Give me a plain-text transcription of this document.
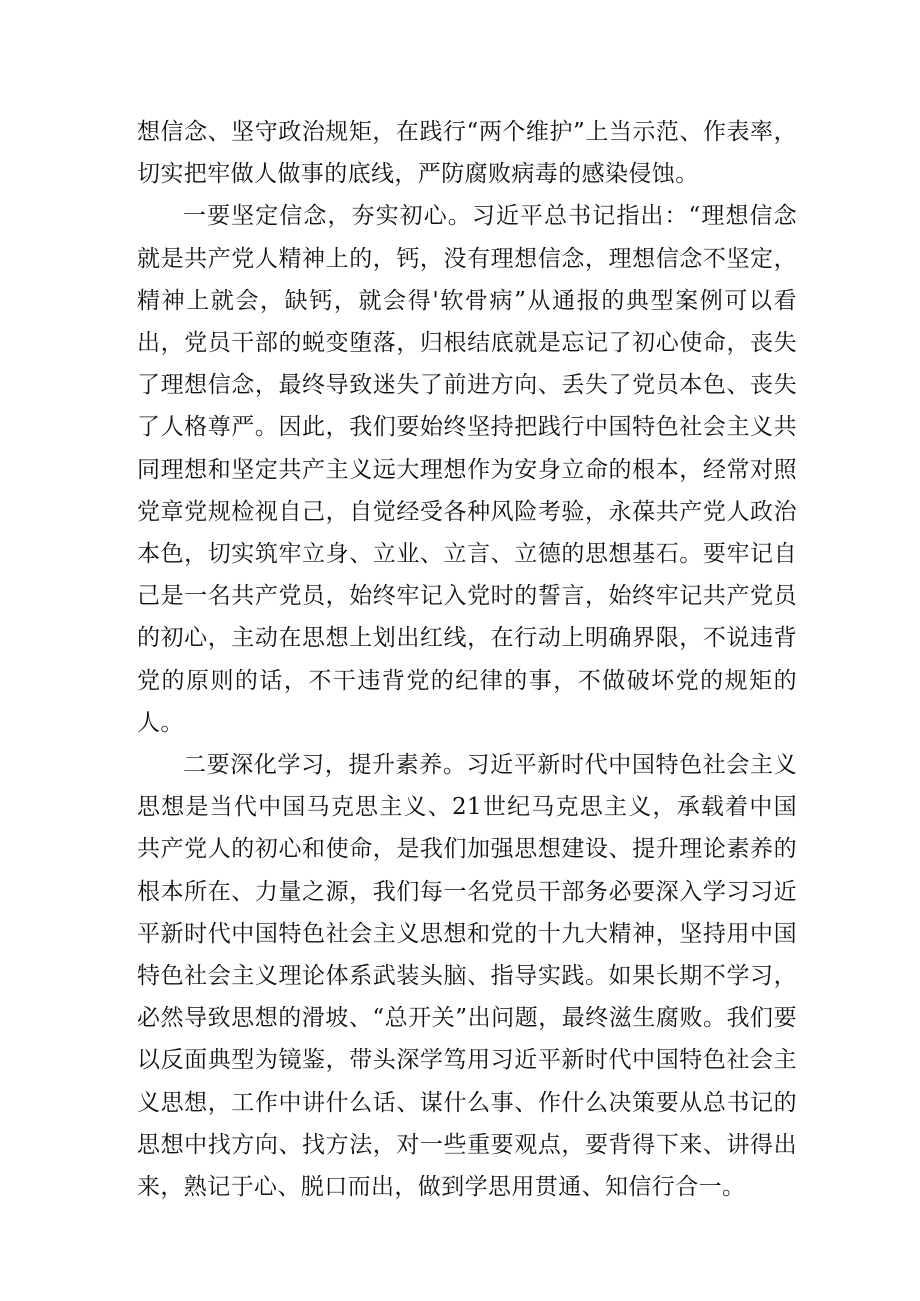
想信念、坚守政治规矩，在践行“两个维护”上当示范、作表率，切实把牢做人做事的底线，严防腐败病毒的感染侵蚀。

一要坚定信念，夯实初心。习近平总书记指出：“理想信念就是共产党人精神上的，钙，没有理想信念，理想信念不坚定，精神上就会，缺钙，就会得'软骨病”从通报的典型案例可以看出，党员干部的蜕变堕落，归根结底就是忘记了初心使命，丧失了理想信念，最终导致迷失了前进方向、丢失了党员本色、丧失了人格尊严。因此，我们要始终坚持把践行中国特色社会主义共同理想和坚定共产主义远大理想作为安身立命的根本，经常对照党章党规检视自己，自觉经受各种风险考验，永葆共产党人政治本色，切实筑牢立身、立业、立言、立德的思想基石。要牢记自己是一名共产党员，始终牢记入党时的誓言，始终牢记共产党员的初心，主动在思想上划出红线，在行动上明确界限，不说违背党的原则的话，不干违背党的纪律的事，不做破坏党的规矩的人。

二要深化学习，提升素养。习近平新时代中国特色社会主义思想是当代中国马克思主义、21世纪马克思主义，承载着中国共产党人的初心和使命，是我们加强思想建设、提升理论素养的根本所在、力量之源，我们每一名党员干部务必要深入学习习近平新时代中国特色社会主义思想和党的十九大精神，坚持用中国特色社会主义理论体系武装头脑、指导实践。如果长期不学习，必然导致思想的滑坡、“总开关”出问题，最终滋生腐败。我们要以反面典型为镜鉴，带头深学笃用习近平新时代中国特色社会主义思想，工作中讲什么话、谋什么事、作什么决策要从总书记的思想中找方向、找方法，对一些重要观点，要背得下来、讲得出来，熟记于心、脱口而出，做到学思用贯通、知信行合一。
